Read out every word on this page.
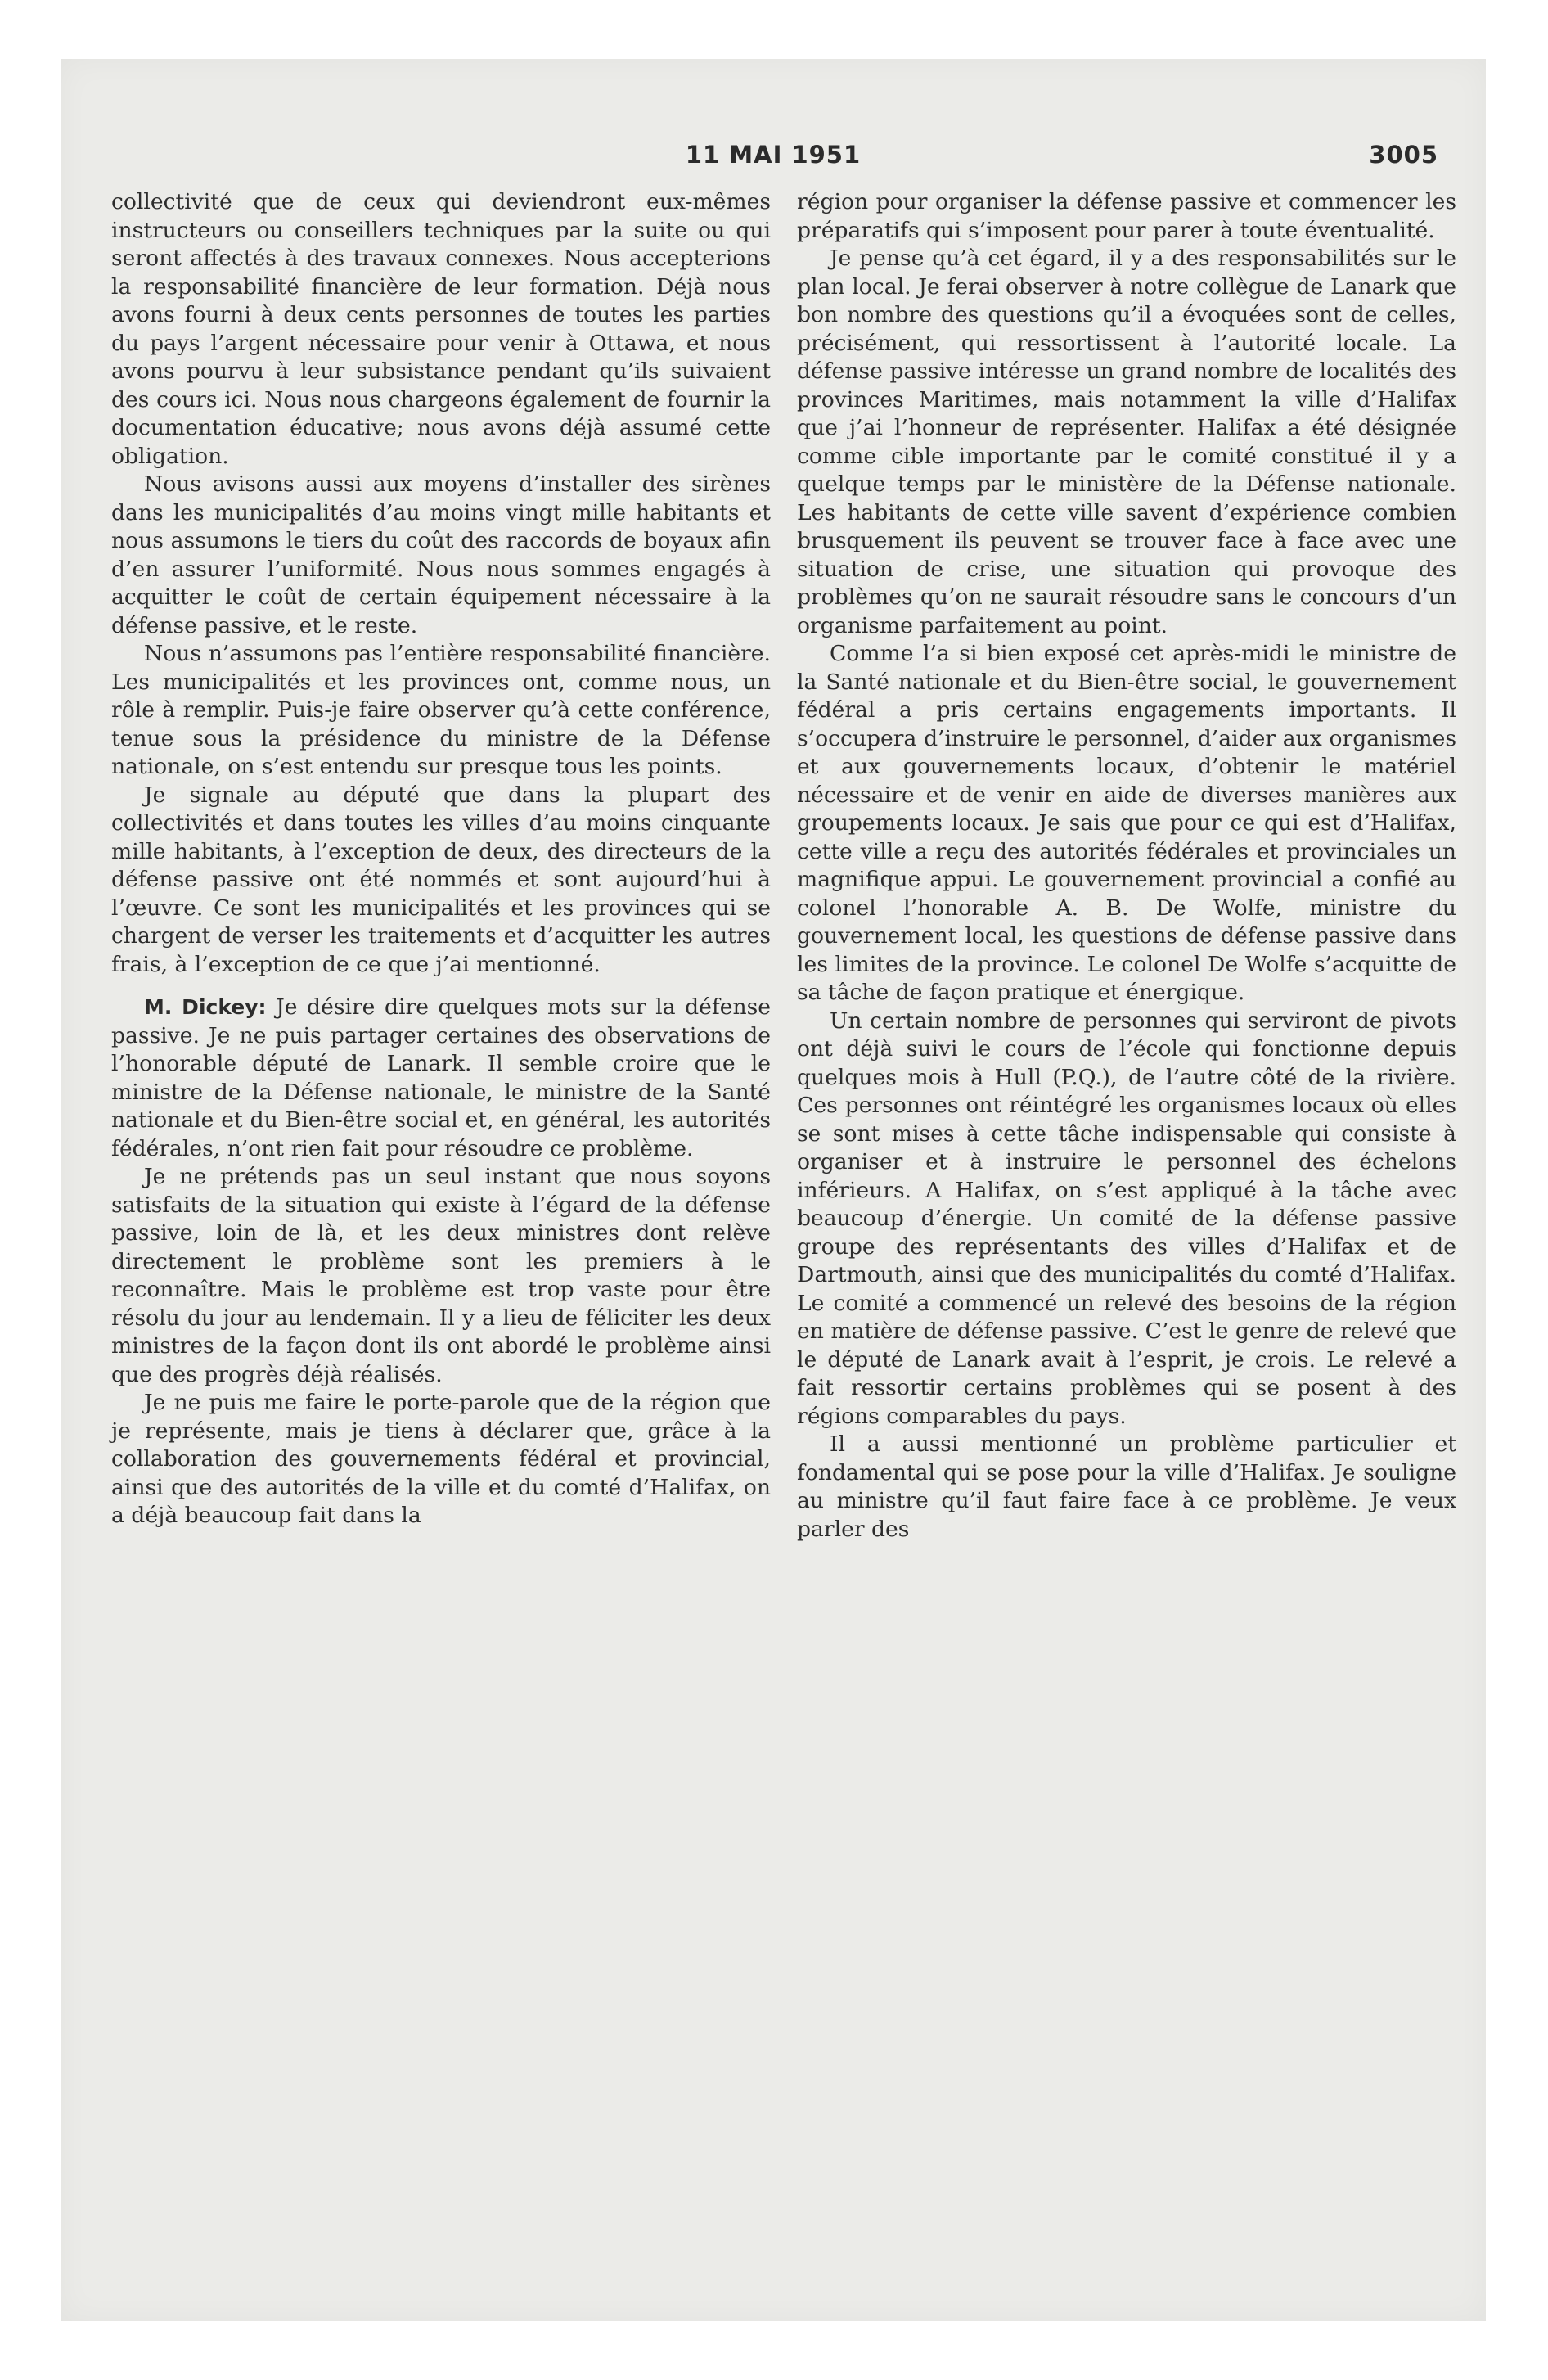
11 MAI 1951	3005

collectivité que de ceux qui deviendront eux-mêmes instructeurs ou conseillers techniques par la suite ou qui seront affectés à des travaux connexes. Nous accepterions la responsabilité financière de leur formation. Déjà nous avons fourni à deux cents personnes de toutes les parties du pays l’argent nécessaire pour venir à Ottawa, et nous avons pourvu à leur subsistance pendant qu’ils suivaient des cours ici. Nous nous chargeons également de fournir la documentation éducative; nous avons déjà assumé cette obligation.

Nous avisons aussi aux moyens d’installer des sirènes dans les municipalités d’au moins vingt mille habitants et nous assumons le tiers du coût des raccords de boyaux afin d’en assurer l’uniformité. Nous nous sommes engagés à acquitter le coût de certain équipement nécessaire à la défense passive, et le reste.

Nous n’assumons pas l’entière responsabilité financière. Les municipalités et les provinces ont, comme nous, un rôle à remplir. Puis-je faire observer qu’à cette conférence, tenue sous la présidence du ministre de la Défense nationale, on s’est entendu sur presque tous les points.

Je signale au député que dans la plupart des collectivités et dans toutes les villes d’au moins cinquante mille habitants, à l’exception de deux, des directeurs de la défense passive ont été nommés et sont aujourd’hui à l’œuvre. Ce sont les municipalités et les provinces qui se chargent de verser les traitements et d’acquitter les autres frais, à l’exception de ce que j’ai mentionné.

M. Dickey: Je désire dire quelques mots sur la défense passive. Je ne puis partager certaines des observations de l’honorable député de Lanark. Il semble croire que le ministre de la Défense nationale, le ministre de la Santé nationale et du Bien-être social et, en général, les autorités fédérales, n’ont rien fait pour résoudre ce problème.

Je ne prétends pas un seul instant que nous soyons satisfaits de la situation qui existe à l’égard de la défense passive, loin de là, et les deux ministres dont relève directement le problème sont les premiers à le reconnaître. Mais le problème est trop vaste pour être résolu du jour au lendemain. Il y a lieu de féliciter les deux ministres de la façon dont ils ont abordé le problème ainsi que des progrès déjà réalisés.

Je ne puis me faire le porte-parole que de la région que je représente, mais je tiens à déclarer que, grâce à la collaboration des gouvernements fédéral et provincial, ainsi que des autorités de la ville et du comté d’Halifax, on a déjà beaucoup fait dans la

région pour organiser la défense passive et commencer les préparatifs qui s’imposent pour parer à toute éventualité.

Je pense qu’à cet égard, il y a des responsabilités sur le plan local. Je ferai observer à notre collègue de Lanark que bon nombre des questions qu’il a évoquées sont de celles, précisément, qui ressortissent à l’autorité locale. La défense passive intéresse un grand nombre de localités des provinces Maritimes, mais notamment la ville d’Halifax que j’ai l’honneur de représenter. Halifax a été désignée comme cible importante par le comité constitué il y a quelque temps par le ministère de la Défense nationale. Les habitants de cette ville savent d’expérience combien brusquement ils peuvent se trouver face à face avec une situation de crise, une situation qui provoque des problèmes qu’on ne saurait résoudre sans le concours d’un organisme parfaitement au point.

Comme l’a si bien exposé cet après-midi le ministre de la Santé nationale et du Bien-être social, le gouvernement fédéral a pris certains engagements importants. Il s’occupera d’instruire le personnel, d’aider aux organismes et aux gouvernements locaux, d’obtenir le matériel nécessaire et de venir en aide de diverses manières aux groupements locaux. Je sais que pour ce qui est d’Halifax, cette ville a reçu des autorités fédérales et provinciales un magnifique appui. Le gouvernement provincial a confié au colonel l’honorable A. B. De Wolfe, ministre du gouvernement local, les questions de défense passive dans les limites de la province. Le colonel De Wolfe s’acquitte de sa tâche de façon pratique et énergique.

Un certain nombre de personnes qui serviront de pivots ont déjà suivi le cours de l’école qui fonctionne depuis quelques mois à Hull (P.Q.), de l’autre côté de la rivière. Ces personnes ont réintégré les organismes locaux où elles se sont mises à cette tâche indispensable qui consiste à organiser et à instruire le personnel des échelons inférieurs. A Halifax, on s’est appliqué à la tâche avec beaucoup d’énergie. Un comité de la défense passive groupe des représentants des villes d’Halifax et de Dartmouth, ainsi que des municipalités du comté d’Halifax. Le comité a commencé un relevé des besoins de la région en matière de défense passive. C’est le genre de relevé que le député de Lanark avait à l’esprit, je crois. Le relevé a fait ressortir certains problèmes qui se posent à des régions comparables du pays.

Il a aussi mentionné un problème particulier et fondamental qui se pose pour la ville d’Halifax. Je souligne au ministre qu’il faut faire face à ce problème. Je veux parler des
